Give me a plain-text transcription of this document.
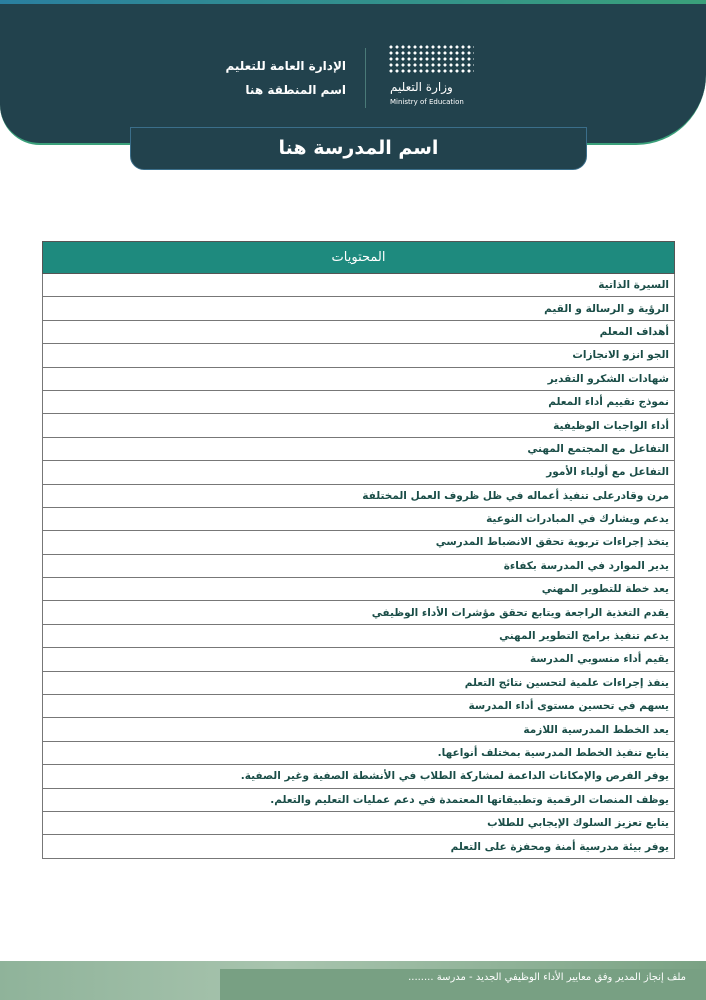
وزارة التعليم
Ministry of Education
الإدارة العامة للتعليم
اسم المنطقة هنا
اسم المدرسة هنا
المحتويات
السيرة الذاتية
الرؤية و الرسالة و القيم
أهداف المعلم
الجو انزو الانجازات
شهادات الشكرو التقدير
نموذج تقييم أداء المعلم
أداء الواجبات الوظيفية
التفاعل مع المجتمع المهني
التفاعل مع أولياء الأمور
مرن وقادرعلى تنفيذ أعماله في ظل ظروف العمل المختلفة
يدعم ويشارك في المبادرات النوعية
يتخذ إجراءات تربوية تحقق الانضباط المدرسي
يدير الموارد في المدرسة بكفاءة
يعد خطة للتطوير المهني
يقدم التغذية الراجعة ويتابع تحقق مؤشرات الأداء الوظيفي
يدعم تنفيذ برامج التطوير المهني
يقيم أداء منسوبي المدرسة
ينفذ إجراءات علمية لتحسين نتائج التعلم
يسهم في تحسين مستوى أداء المدرسة
يعد الخطط المدرسية اللازمة
يتابع تنفيذ الخطط المدرسية بمختلف أنواعها.
يوفر الفرص والإمكانات الداعمة لمشاركة الطلاب في الأنشطة الصفية وغير الصفية.
يوظف المنصات الرقمية وتطبيقاتها المعتمدة في دعم عمليات التعليم والتعلم.
يتابع تعزيز السلوك الإيجابي للطلاب
يوفر بيئة مدرسية أمنة ومحفزة على التعلم
ملف إنجاز المدير وفق معايير الأداء الوظيفي الجديد - مدرسة ........
